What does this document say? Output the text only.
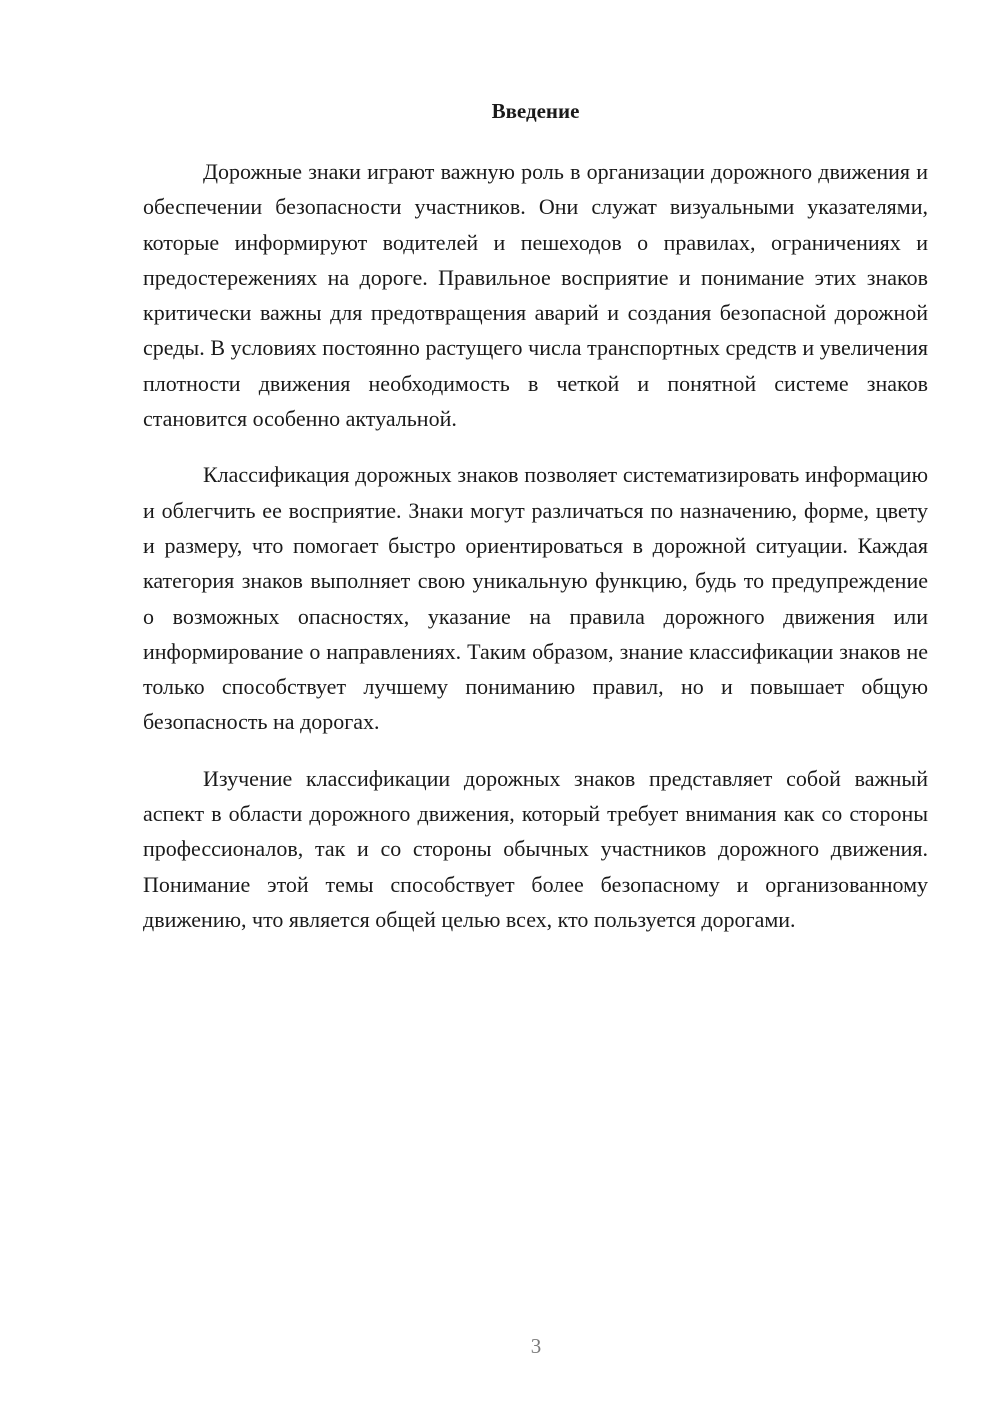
Введение

Дорожные знаки играют важную роль в организации дорожного движения и обеспечении безопасности участников. Они служат визуальными указателями, которые информируют водителей и пешеходов о правилах, ограничениях и предостережениях на дороге. Правильное восприятие и понимание этих знаков критически важны для предотвращения аварий и создания безопасной дорожной среды. В условиях постоянно растущего числа транспортных средств и увеличения плотности движения необходимость в четкой и понятной системе знаков становится особенно актуальной.

Классификация дорожных знаков позволяет систематизировать информацию и облегчить ее восприятие. Знаки могут различаться по назначению, форме, цвету и размеру, что помогает быстро ориентироваться в дорожной ситуации. Каждая категория знаков выполняет свою уникальную функцию, будь то предупреждение о возможных опасностях, указание на правила дорожного движения или информирование о направлениях. Таким образом, знание классификации знаков не только способствует лучшему пониманию правил, но и повышает общую безопасность на дорогах.

Изучение классификации дорожных знаков представляет собой важный аспект в области дорожного движения, который требует внимания как со стороны профессионалов, так и со стороны обычных участников дорожного движения. Понимание этой темы способствует более безопасному и организованному движению, что является общей целью всех, кто пользуется дорогами.

3
